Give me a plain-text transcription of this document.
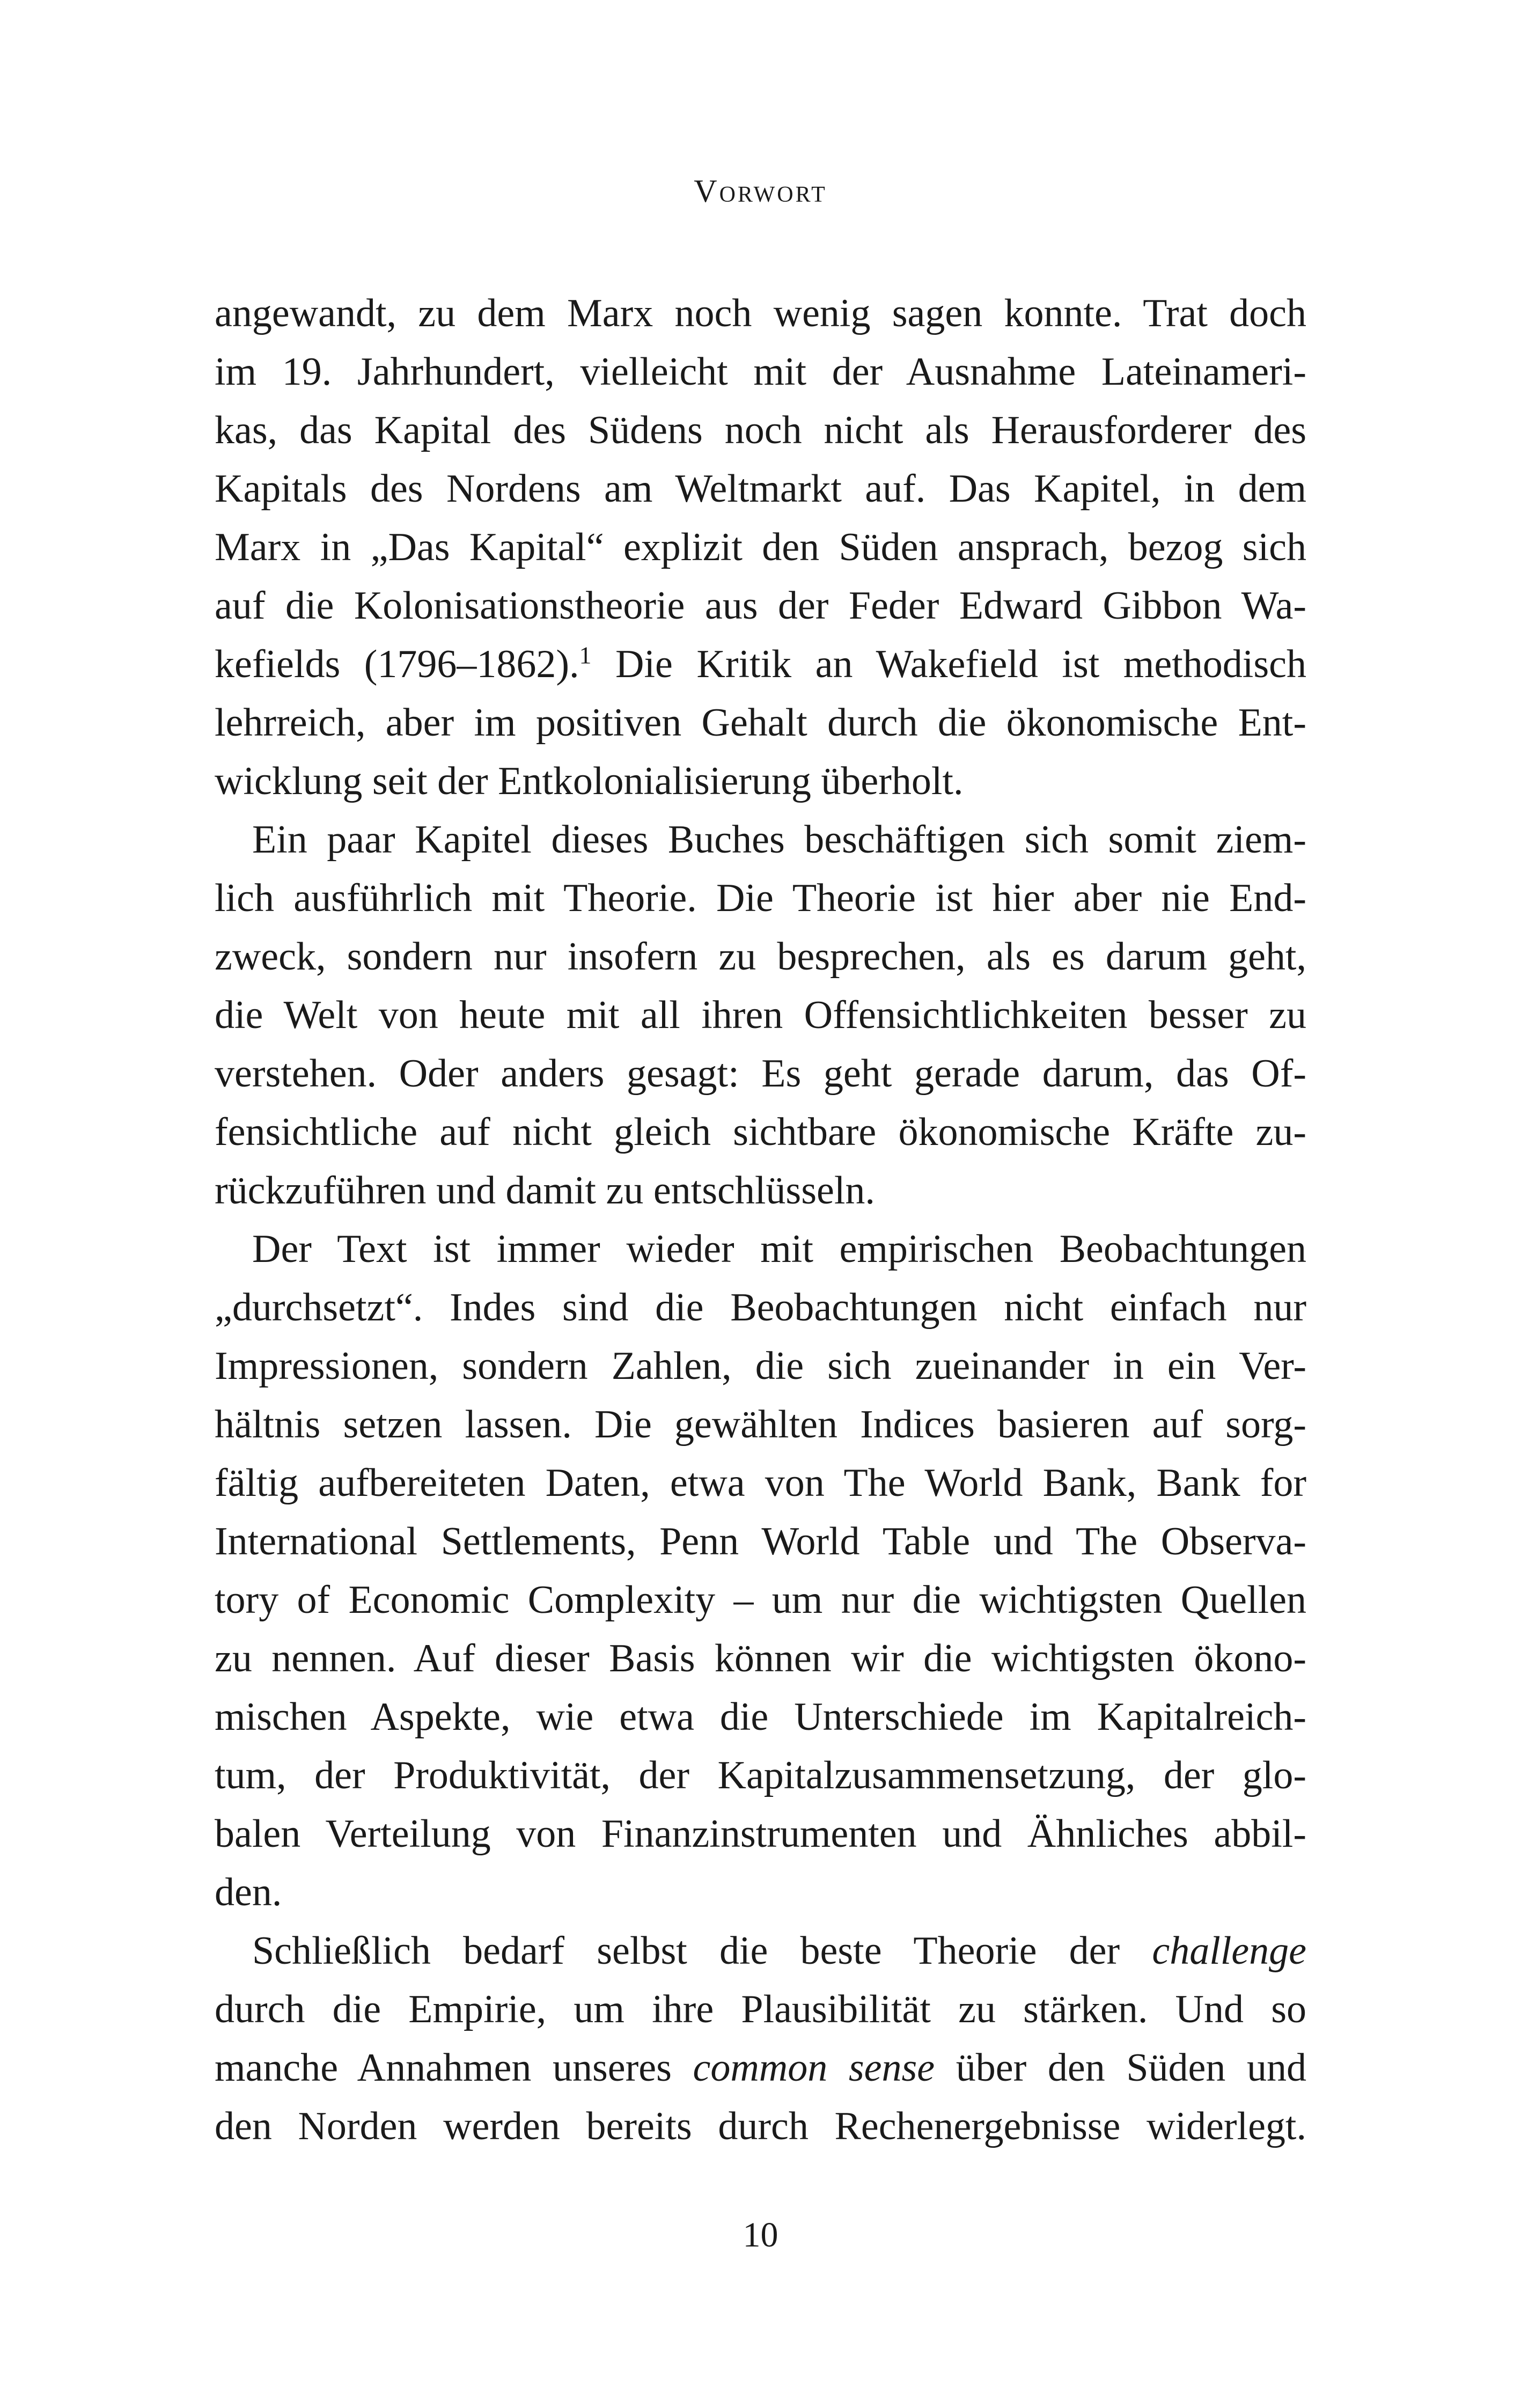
Vorwort

angewandt, zu dem Marx noch wenig sagen konnte. Trat doch
im 19. Jahrhundert, vielleicht mit der Ausnahme Lateinameri-
kas, das Kapital des Südens noch nicht als Herausforderer des
Kapitals des Nordens am Weltmarkt auf. Das Kapitel, in dem
Marx in „Das Kapital“ explizit den Süden ansprach, bezog sich
auf die Kolonisationstheorie aus der Feder Edward Gibbon Wa-
kefields (1796–1862).$^1$ Die Kritik an Wakefield ist methodisch
lehrreich, aber im positiven Gehalt durch die ökonomische Ent-
wicklung seit der Entkolonialisierung überholt.

Ein paar Kapitel dieses Buches beschäftigen sich somit ziem-
lich ausführlich mit Theorie. Die Theorie ist hier aber nie End-
zweck, sondern nur insofern zu besprechen, als es darum geht,
die Welt von heute mit all ihren Offensichtlichkeiten besser zu
verstehen. Oder anders gesagt: Es geht gerade darum, das Of-
fensichtliche auf nicht gleich sichtbare ökonomische Kräfte zu-
rückzuführen und damit zu entschlüsseln.

Der Text ist immer wieder mit empirischen Beobachtungen
„durchsetzt“. Indes sind die Beobachtungen nicht einfach nur
Impressionen, sondern Zahlen, die sich zueinander in ein Ver-
hältnis setzen lassen. Die gewählten Indices basieren auf sorg-
fältig aufbereiteten Daten, etwa von The World Bank, Bank for
International Settlements, Penn World Table und The Observa-
tory of Economic Complexity – um nur die wichtigsten Quellen
zu nennen. Auf dieser Basis können wir die wichtigsten ökono-
mischen Aspekte, wie etwa die Unterschiede im Kapitalreich-
tum, der Produktivität, der Kapitalzusammensetzung, der glo-
balen Verteilung von Finanzinstrumenten und Ähnliches abbil-
den.

Schließlich bedarf selbst die beste Theorie der challenge
durch die Empirie, um ihre Plausibilität zu stärken. Und so
manche Annahmen unseres common sense über den Süden und
den Norden werden bereits durch Rechenergebnisse widerlegt.

10
